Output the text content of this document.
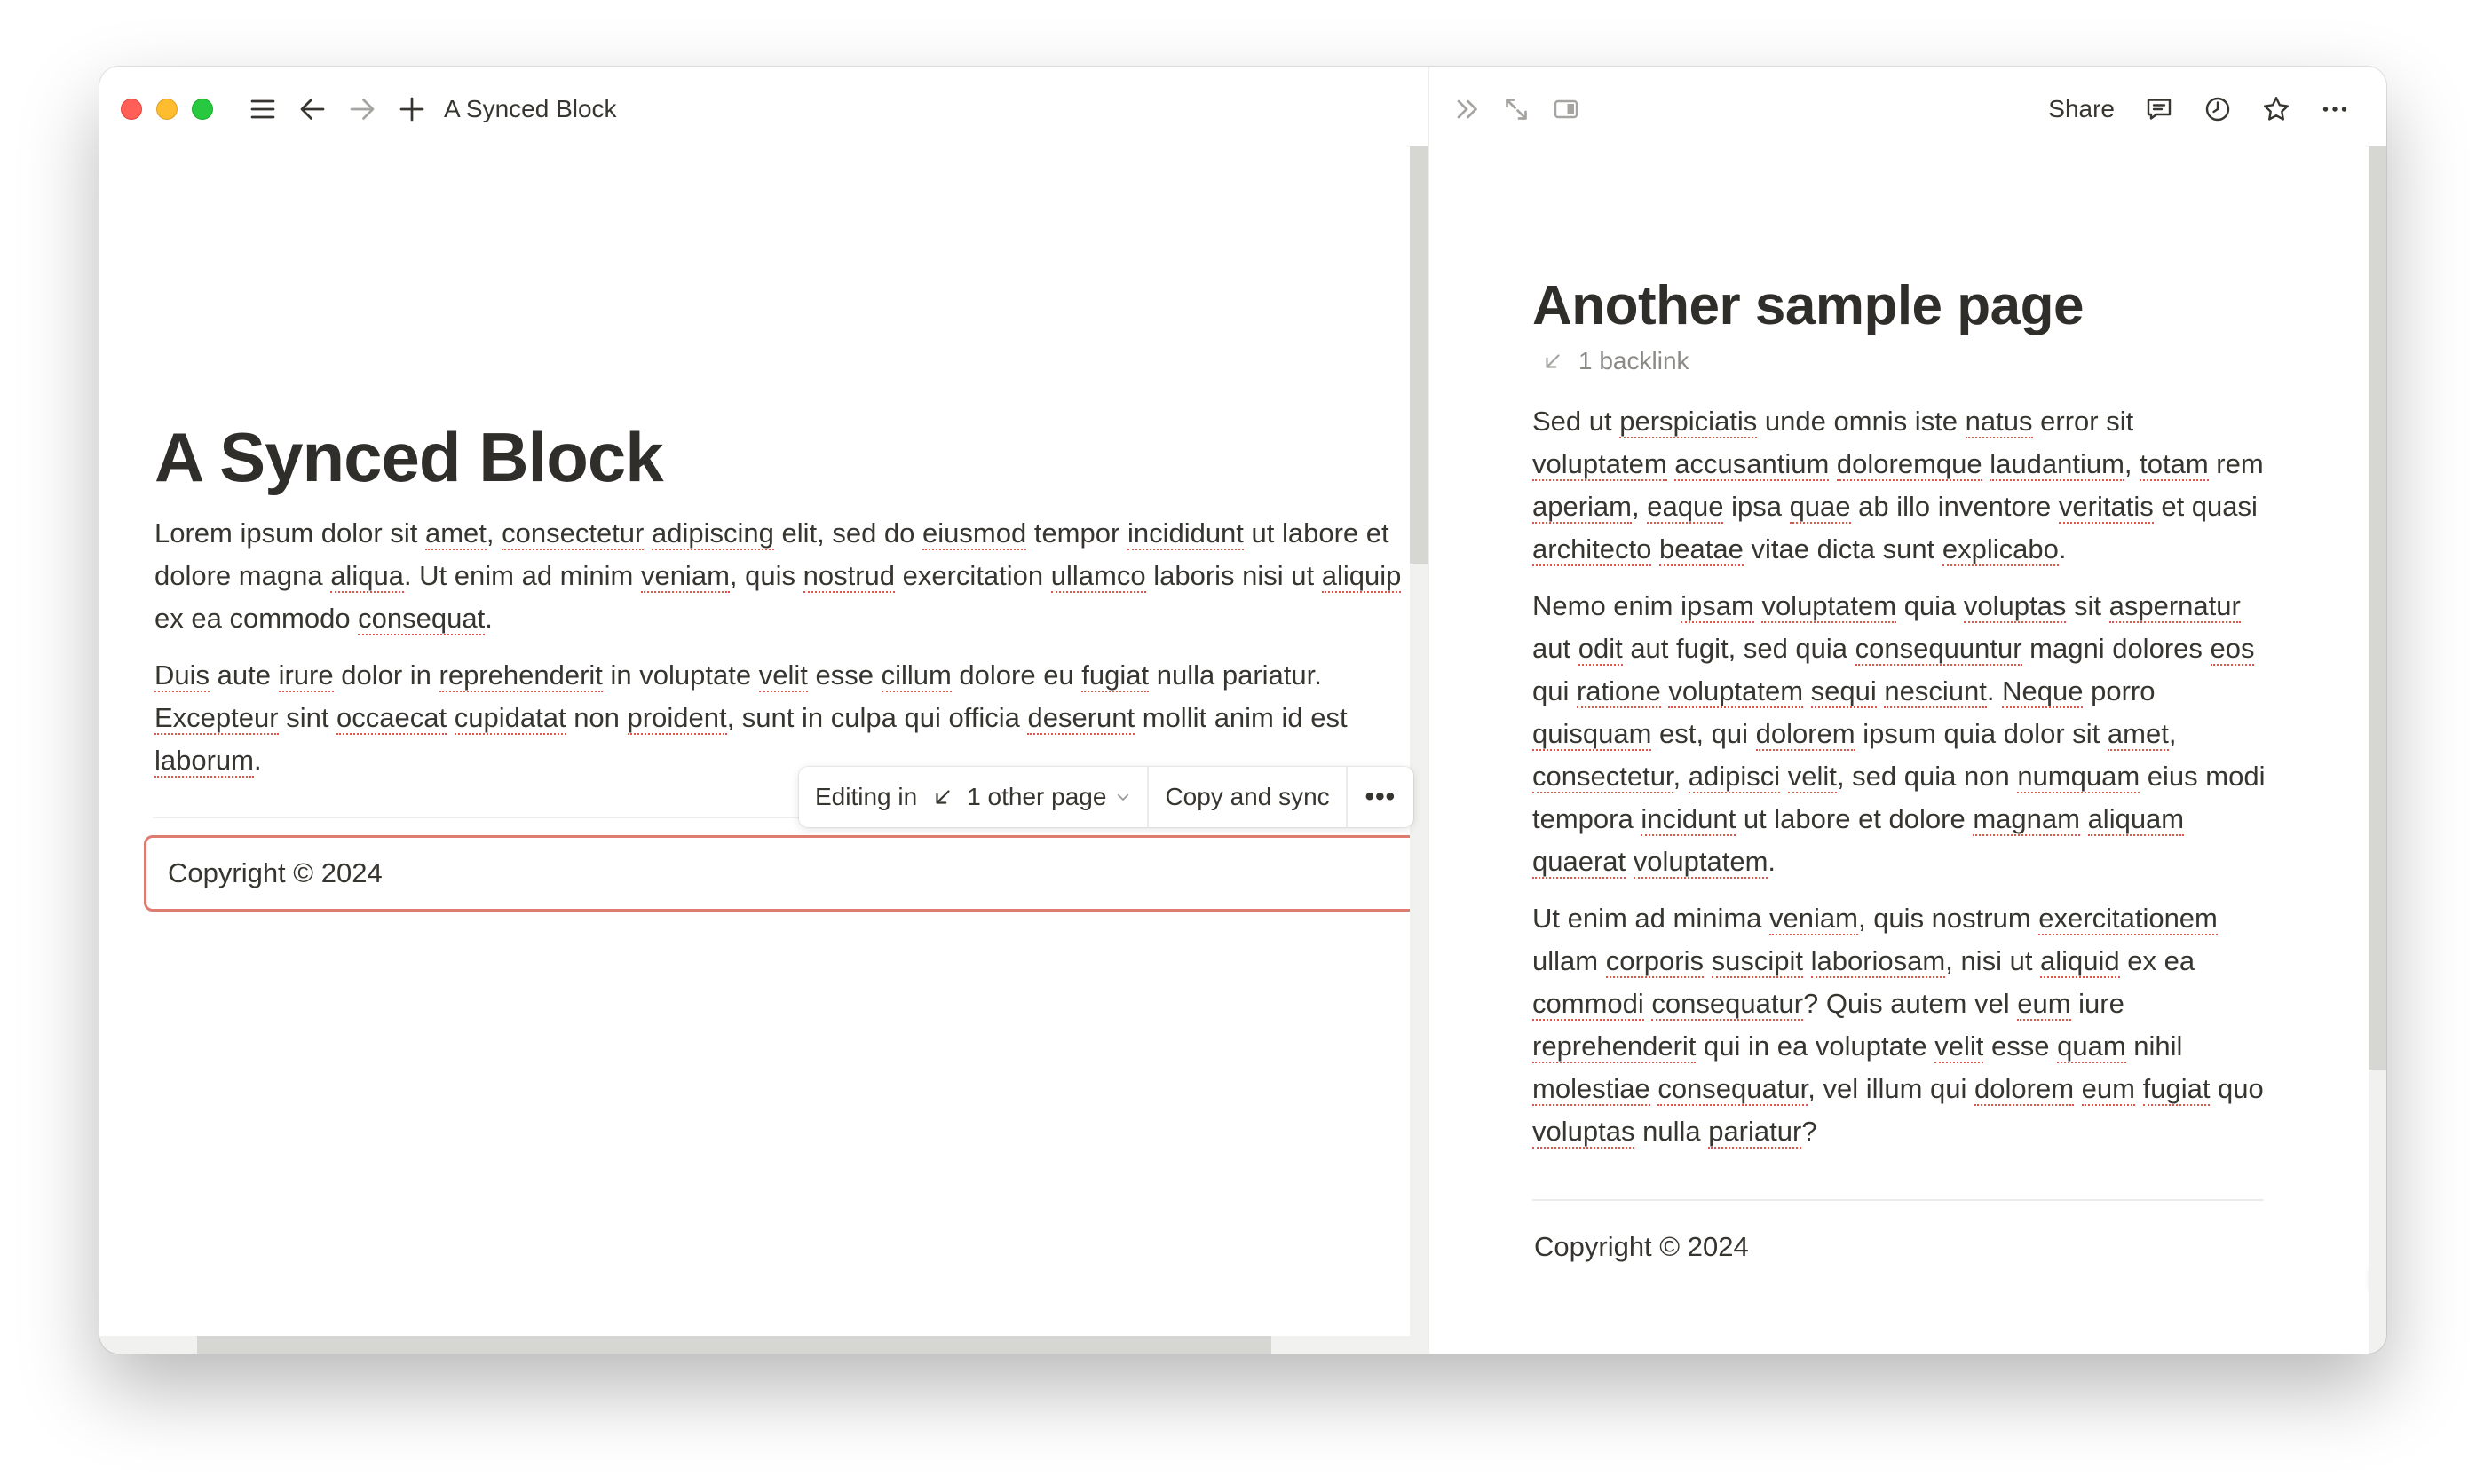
A Synced Block
A Synced Block

Lorem ipsum dolor sit amet, consectetur adipiscing elit, sed do eiusmod tempor incididunt ut labore et dolore magna aliqua. Ut enim ad minim veniam, quis nostrud exercitation ullamco laboris nisi ut aliquip ex ea commodo consequat.

Duis aute irure dolor in reprehenderit in voluptate velit esse cillum dolore eu fugiat nulla pariatur. Excepteur sint occaecat cupidatat non proident, sunt in culpa qui officia deserunt mollit anim id est laborum.

Editing in 1 other page Copy and sync •••
Copyright © 2024
Share
Another sample page
1 backlink

Sed ut perspiciatis unde omnis iste natus error sit voluptatem accusantium doloremque laudantium, totam rem aperiam, eaque ipsa quae ab illo inventore veritatis et quasi architecto beatae vitae dicta sunt explicabo.

Nemo enim ipsam voluptatem quia voluptas sit aspernatur aut odit aut fugit, sed quia consequuntur magni dolores eos qui ratione voluptatem sequi nesciunt. Neque porro quisquam est, qui dolorem ipsum quia dolor sit amet, consectetur, adipisci velit, sed quia non numquam eius modi tempora incidunt ut labore et dolore magnam aliquam quaerat voluptatem.

Ut enim ad minima veniam, quis nostrum exercitationem ullam corporis suscipit laboriosam, nisi ut aliquid ex ea commodi consequatur? Quis autem vel eum iure reprehenderit qui in ea voluptate velit esse quam nihil molestiae consequatur, vel illum qui dolorem eum fugiat quo voluptas nulla pariatur?

Copyright © 2024
